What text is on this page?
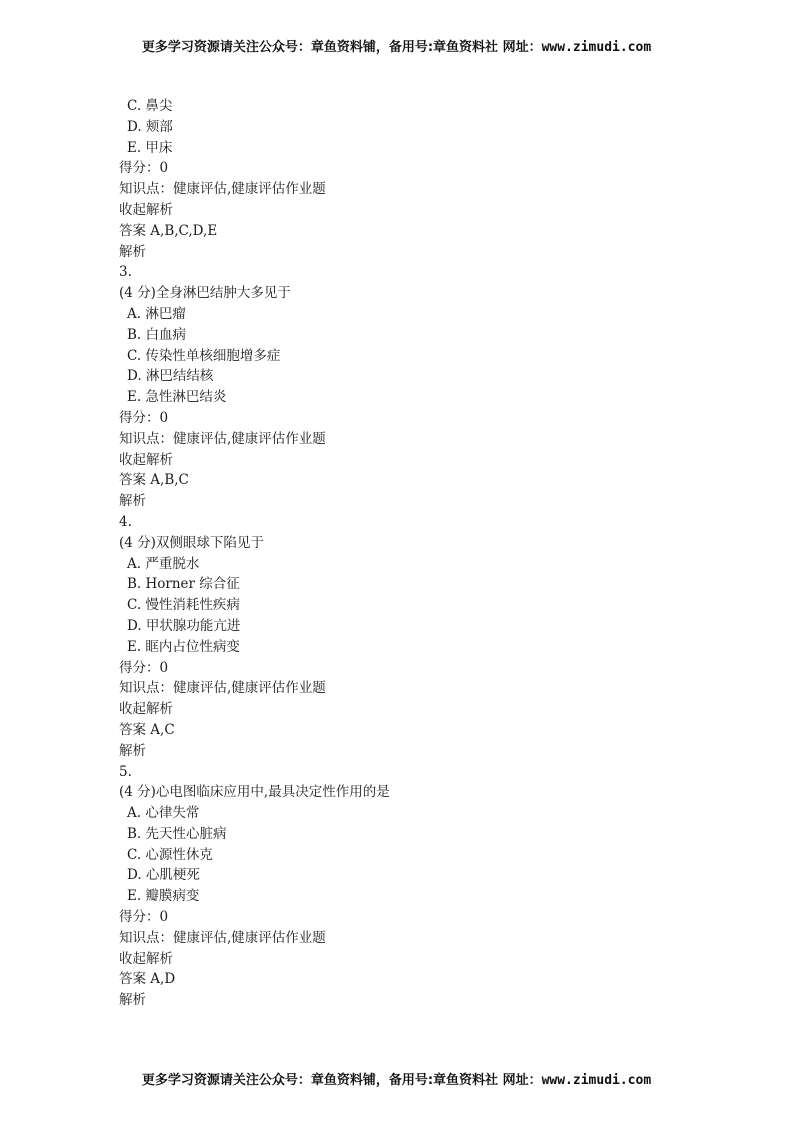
更多学习资源请关注公众号：章鱼资料铺，备用号:章鱼资料社 网址：www.zimudi.com
C. 鼻尖
D. 颊部
E. 甲床
得分：0
知识点：健康评估,健康评估作业题
收起解析
答案 A,B,C,D,E
解析
3.
(4 分)全身淋巴结肿大多见于
A. 淋巴瘤
B. 白血病
C. 传染性单核细胞增多症
D. 淋巴结结核
E. 急性淋巴结炎
得分：0
知识点：健康评估,健康评估作业题
收起解析
答案 A,B,C
解析
4.
(4 分)双侧眼球下陷见于
A. 严重脱水
B. Horner 综合征
C. 慢性消耗性疾病
D. 甲状腺功能亢进
E. 眶内占位性病变
得分：0
知识点：健康评估,健康评估作业题
收起解析
答案 A,C
解析
5.
(4 分)心电图临床应用中,最具决定性作用的是
A. 心律失常
B. 先天性心脏病
C. 心源性休克
D. 心肌梗死
E. 瓣膜病变
得分：0
知识点：健康评估,健康评估作业题
收起解析
答案 A,D
解析
更多学习资源请关注公众号：章鱼资料铺，备用号:章鱼资料社 网址：www.zimudi.com
